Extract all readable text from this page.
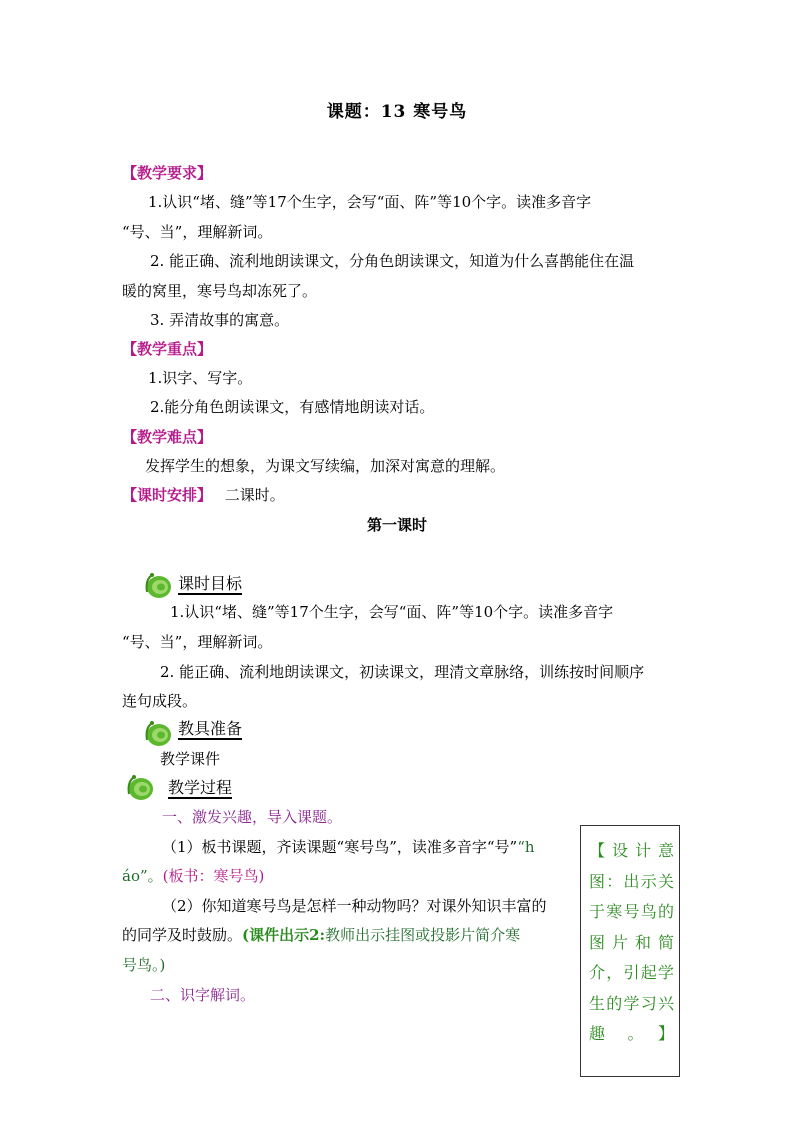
课题：13 寒号鸟
【教学要求】
1.认识“堵、缝”等17个生字，会写“面、阵”等10个字。读准多音字
“号、当”，理解新词。
2. 能正确、流利地朗读课文，分角色朗读课文，知道为什么喜鹊能住在温
暖的窝里，寒号鸟却冻死了。
3. 弄清故事的寓意。
【教学重点】
1.识字、写字。
2.能分角色朗读课文，有感情地朗读对话。
【教学难点】
发挥学生的想象，为课文写续编，加深对寓意的理解。
【课时安排】 二课时。
第一课时
课时目标
1.认识“堵、缝”等17个生字，会写“面、阵”等10个字。读准多音字
“号、当”，理解新词。
2. 能正确、流利地朗读课文，初读课文，理清文章脉络，训练按时间顺序
连句成段。
教具准备
教学课件
教学过程
一、激发兴趣，导入课题。
（1）板书课题，齐读课题“寒号鸟”，读准多音字“号”“h
áo”。(板书：寒号鸟)
（2）你知道寒号鸟是怎样一种动物吗？对课外知识丰富的
的同学及时鼓励。(课件出示2:教师出示挂图或投影片简介寒
号鸟。)
二、识字解词。
【设计意图：出示关于寒号鸟的图片和简介，引起学生的学习兴趣。】
